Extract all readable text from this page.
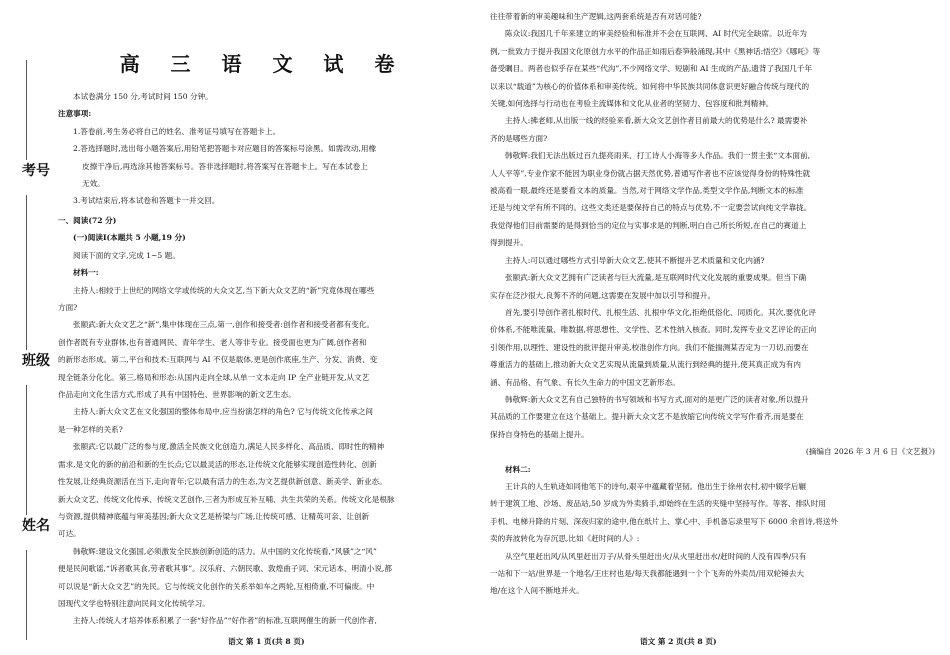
考号
班级
姓名
高 三 语 文 试 卷

本试卷满分 150 分,考试时间 150 分钟。

注意事项:

1.答卷前,考生务必将自己的姓名、准考证号填写在答题卡上。

2.答选择题时,选出每小题答案后,用铅笔把答题卡对应题目的答案标号涂黑。如需改动,用橡

皮擦干净后,再选涂其他答案标号。答非选择题时,将答案写在答题卡上。写在本试卷上

无效。

3.考试结束后,将本试卷和答题卡一并交回。

一、阅读(72 分)

(一)阅读Ⅰ(本题共 5 小题,19 分)

阅读下面的文字,完成 1~5 题。

材料一:

主持人:相较于上世纪的网络文学或传统的大众文艺,当下新大众文艺的“新”究竟体现在哪些

方面?

张颐武:新大众文艺之“新”,集中体现在三点,第一,创作和接受者:创作者和接受者都有变化。

创作者既有专业群体,也有普通网民、青年学生、老人等非专业。接受面也更为广阔,创作者和

的新形态形成。第二,平台和技术:互联网与 AI 不仅是载体,更是创作底座,生产、分发、消费、变

现全链条分化化。第三,格局和形态:从国内走向全球,从单一文本走向 IP 全产业链开发,从文艺

作品走向文化生活方式,形成了具有中国特色、世界影响的新文艺生态。

主持人:新大众文艺在文化强国的整体布局中,应当扮演怎样的角色? 它与传统文化传承之间

是一种怎样的关系?

张颐武:它以最广泛的参与度,激活全民族文化创造力,满足人民多样化、高品质、即时性的精神

需求,是文化的新的前沿和新的生长点;它以最灵活的形态,让传统文化能够实现创造性转化、创新

性发展,让经典资源活在当下,走向青年;它以最有活力的生态,为文艺提供新创意、新美学、新业态。

新大众文艺、传统文化传承、传统文艺创作,三者为形成互补互哺、共生共荣的关系。传统文化是根脉

与资源,提供精神底蕴与审美基因;新大众文艺是桥梁与广场,让传统可感、让精英可亲、让创新

可达。

韩敬辉:建设文化强国,必须激发全民族创新创造的活力。从中国的文化传统看,“风骚”之“风”

便是民间歌谣,“诉者歌其食,劳者歌其事”。汉乐府、六朝民歌、敦煌曲子词、宋元话本、明清小说,都

可以说是“新大众文艺”的先民。它与传统文化创作的关系举如车之两轮,互相倚重,不可偏废。中

国现代文学也特别注意向民间文化传统学习。

主持人:传统人才培养体系积累了一套“好作品”“好作者”的标准,互联网催生的新一代创作者,

语文 第 1 页(共 8 页)

往往带着新的审美趣味和生产逻辑,这两套系统是否有对话可能?

陈众议:我国几千年来建立的审美经验和标准并不会在互联网、AI 时代完全缺席。以近年为

例,一批致力于提升我国文化原创力水平的作品正如雨后春笋般涌现,其中《黑神话:悟空》《哪吒》等

备受瞩目。两者也似乎存在某些“代沟”,不少网络文学、短剧和 AI 生成的产品,遗背了我国几千年

以来以“载道”为核心的价值体系和审美传统。如何将中华民族共同体意识更好融合传统与现代的

关键,如何选择与行动也在考验主流媒体和文化从业者的坚韧力、包容度和批判精神。

主持人:拂老师,从出版一线的经验来看,新大众文艺创作者目前最大的优势是什么? 最需要补

齐的是哪些方面?

韩敬辉:我们无法出版过百九提亮雨来、打工诗人小海等多人作品。我们一贯主张“文本面前,

人人平等”,专业作家不能因为职业身份就占据天然优势,普通写作者也不应该觉得身份的特殊性就

被高看一眼,最终还是要看文本的质量。当然,对于网络文学作品,类型文学作品,判断文本的标准

还是与纯文学有所不同的。这些文类还是要保持自己的特点与优势,不一定要尝试向纯文学靠拢。

我觉得他们目前需要的是得到恰当的定位与实事求是的判断,明白自己所长所短,在自己的赛道上

得到提升。

主持人:可以通过哪些方式引导新大众文艺,使其不断提升艺术质量和文化内涵?

张颐武:新大众文艺拥有广泛读者与巨大流量,是互联网时代文化发展的重要成果。但当下确

实存在泛沙很大,良莠不齐的问题,这需要在发展中加以引导和提升。

首先,要引导创作者扎根时代、扎根生活、扎根中华文化,拒绝低俗化、同质化。其次,要优化评

价体系,不能唯流量、唯数据,将思想性、文学性、艺术性纳入核查。同时,发挥专业文艺评论的正向

引领作用,以理性、建设性的批评提升审美,校准创作方向。我们不能揣测某否定为一刀切,而要在

尊重活力的基础上,推动新大众文艺实现从流量到质量,从流行到经典的提升,使其真正成为有内

涵、有品格、有气象、有长久生命力的中国文艺新形态。

韩敬辉:新大众文艺有自己独特的书写领域和书写方式,面对的是更广泛的读者对象,所以提升

其品质的工作要建立在这个基础上。提升新大众文艺不是放缩它向传统文学写作看齐,而是要在

保持自身特色的基础上提升。

(摘编自 2026 年 3 月 6 日《文艺报》)

材料二:

王计兵的人生轨迹如同他笔下的诗句,艰辛中蕴藏着坚韧。他出生于徐州农村,初中辍学后辗

转于建筑工地、沙场、废品站,50 岁成为外卖骑手,却始终在生活的夹缝中坚持写作。等客、排队时用

手机、电梯升降的片刻、深夜归家的途中,他在纸片上、掌心中、手机备忘录里写下 6000 余首诗,将送外

卖的奔波转化为存沉思,比如《赶时间的人》:

从空气里赶出风/从风里赶出刀子/从骨头里赶出火/从火里赶出水/赶时间的人没有四季/只有

一站和下一站/世界是一个地名/王庄村也是/每天我都能遇到一个个飞奔的外卖员/用双轮锤去大

地/在这个人间不断地并火。

语文 第 2 页(共 8 页)
